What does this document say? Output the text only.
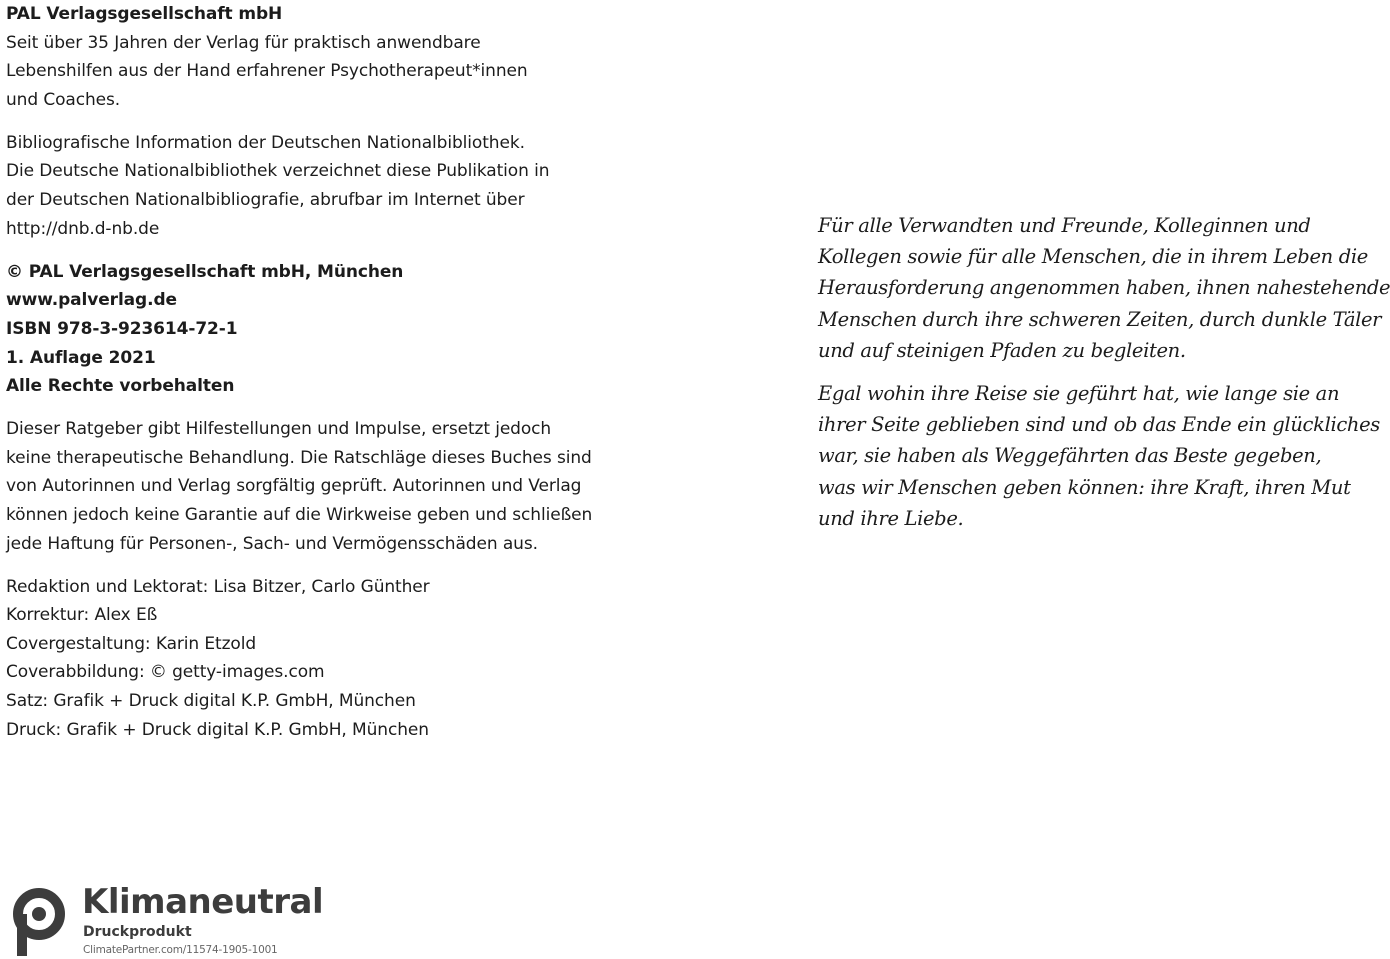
PAL Verlagsgesellschaft mbH
Seit über 35 Jahren der Verlag für praktisch anwendbare
Lebenshilfen aus der Hand erfahrener Psychotherapeut*innen
und Coaches.

Bibliografische Information der Deutschen Nationalbibliothek.
Die Deutsche Nationalbibliothek verzeichnet diese Publikation in
der Deutschen Nationalbibliografie, abrufbar im Internet über
http://dnb.d-nb.de

© PAL Verlagsgesellschaft mbH, München
www.palverlag.de
ISBN 978-3-923614-72-1
1. Auflage 2021
Alle Rechte vorbehalten

Dieser Ratgeber gibt Hilfestellungen und Impulse, ersetzt jedoch
keine therapeutische Behandlung. Die Ratschläge dieses Buches sind
von Autorinnen und Verlag sorgfältig geprüft. Autorinnen und Verlag
können jedoch keine Garantie auf die Wirkweise geben und schließen
jede Haftung für Personen-, Sach- und Vermögensschäden aus.

Redaktion und Lektorat: Lisa Bitzer, Carlo Günther
Korrektur: Alex Eß
Covergestaltung: Karin Etzold
Coverabbildung: © getty-images.com
Satz: Grafik + Druck digital K.P. GmbH, München
Druck: Grafik + Druck digital K.P. GmbH, München

Für alle Verwandten und Freunde, Kolleginnen und
Kollegen sowie für alle Menschen, die in ihrem Leben die
Herausforderung angenommen haben, ihnen nahestehende
Menschen durch ihre schweren Zeiten, durch dunkle Täler
und auf steinigen Pfaden zu begleiten.

Egal wohin ihre Reise sie geführt hat, wie lange sie an
ihrer Seite geblieben sind und ob das Ende ein glückliches
war, sie haben als Weggefährten das Beste gegeben,
was wir Menschen geben können: ihre Kraft, ihren Mut
und ihre Liebe.

Klimaneutral
Druckprodukt
ClimatePartner.com/11574-1905-1001
